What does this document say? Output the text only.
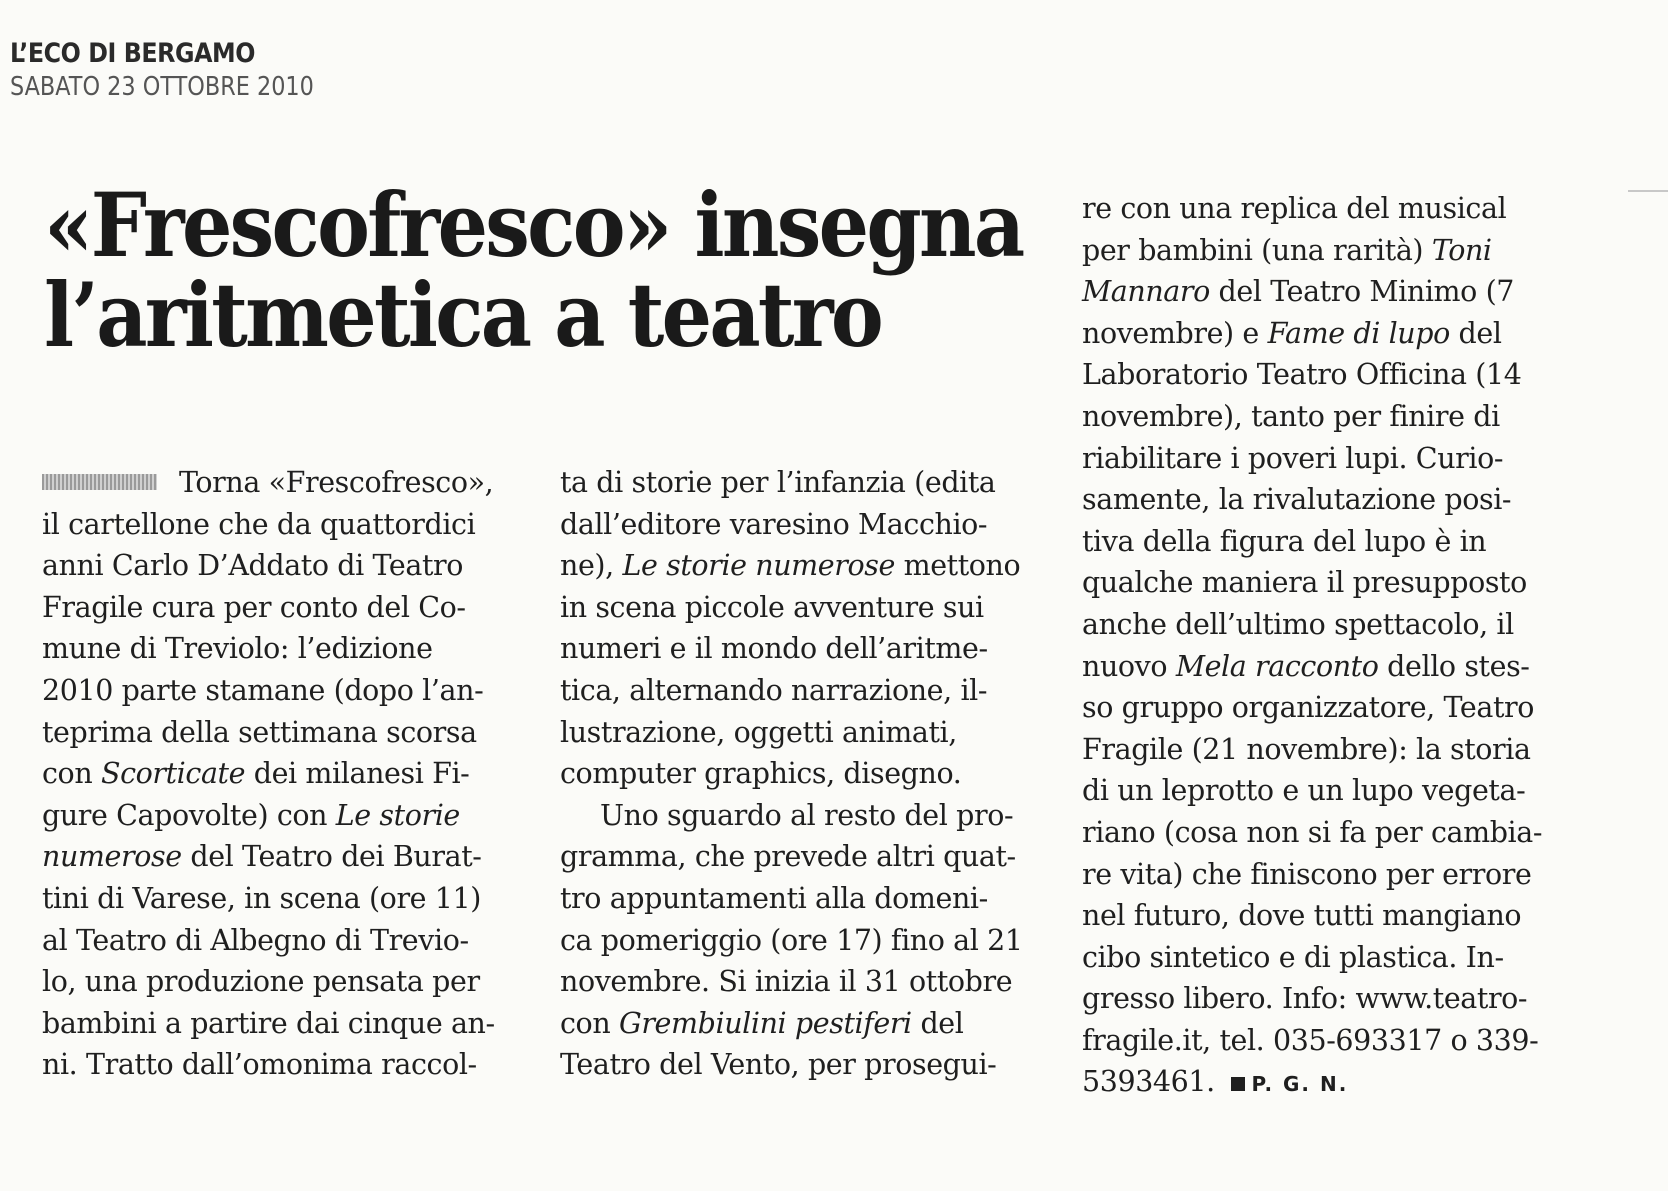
L’ECO DI BERGAMO
SABATO 23 OTTOBRE 2010
«Frescofresco» insegna
l’aritmetica a teatro
Torna «Frescofresco»,
il cartellone che da quattordici
anni Carlo D’Addato di Teatro
Fragile cura per conto del Co-
mune di Treviolo: l’edizione
2010 parte stamane (dopo l’an-
teprima della settimana scorsa
con Scorticate dei milanesi Fi-
gure Capovolte) con Le storie
numerose del Teatro dei Burat-
tini di Varese, in scena (ore 11)
al Teatro di Albegno di Trevio-
lo, una produzione pensata per
bambini a partire dai cinque an-
ni. Tratto dall’omonima raccol-
ta di storie per l’infanzia (edita
dall’editore varesino Macchio-
ne), Le storie numerose mettono
in scena piccole avventure sui
numeri e il mondo dell’aritme-
tica, alternando narrazione, il-
lustrazione, oggetti animati,
computer graphics, disegno.
Uno sguardo al resto del pro-
gramma, che prevede altri quat-
tro appuntamenti alla domeni-
ca pomeriggio (ore 17) fino al 21
novembre. Si inizia il 31 ottobre
con Grembiulini pestiferi del
Teatro del Vento, per prosegui-
re con una replica del musical
per bambini (una rarità) Toni
Mannaro del Teatro Minimo (7
novembre) e Fame di lupo del
Laboratorio Teatro Officina (14
novembre), tanto per finire di
riabilitare i poveri lupi. Curio-
samente, la rivalutazione posi-
tiva della figura del lupo è in
qualche maniera il presupposto
anche dell’ultimo spettacolo, il
nuovo Mela racconto dello stes-
so gruppo organizzatore, Teatro
Fragile (21 novembre): la storia
di un leprotto e un lupo vegeta-
riano (cosa non si fa per cambia-
re vita) che finiscono per errore
nel futuro, dove tutti mangiano
cibo sintetico e di plastica. In-
gresso libero. Info: www.teatro-
fragile.it, tel. 035-693317 o 339-
5393461. P. G. N.
